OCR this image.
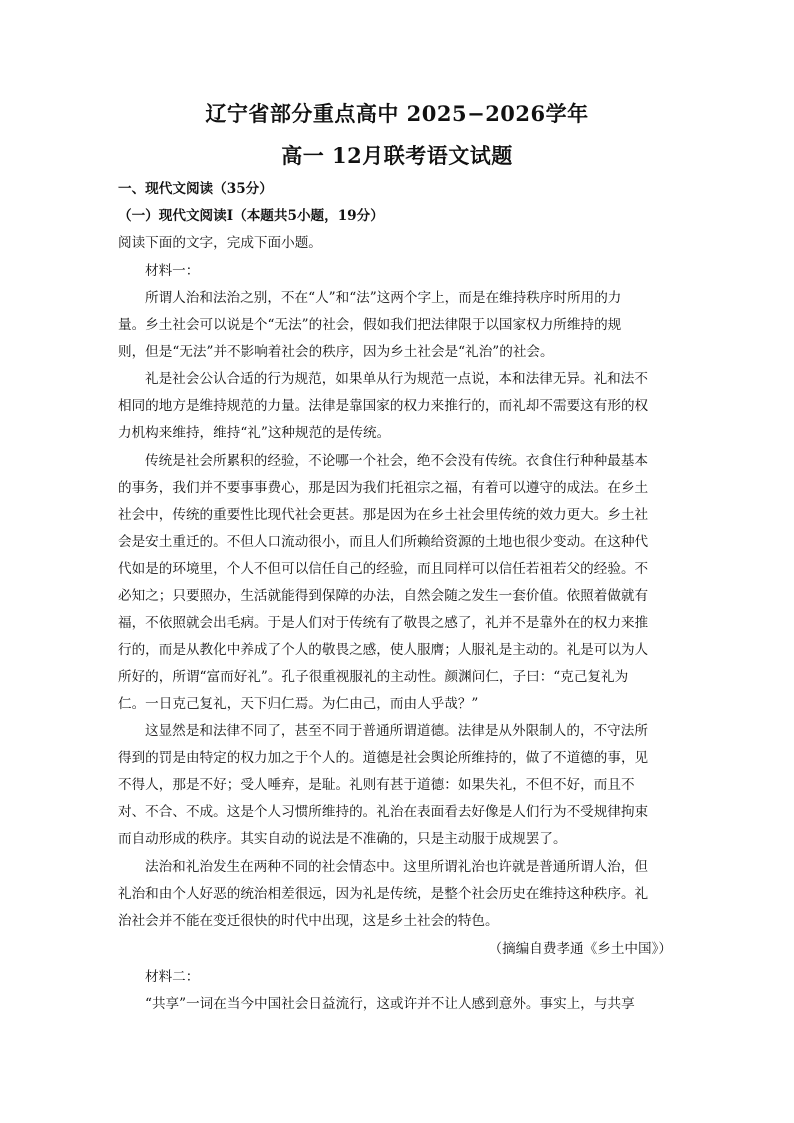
辽宁省部分重点高中 2025−2026学年
高一 12月联考语文试题
一、现代文阅读（35分）
（一）现代文阅读Ⅰ（本题共5小题，19分）
阅读下面的文字，完成下面小题。
材料一：
所谓人治和法治之别，不在“人”和“法”这两个字上，而是在维持秩序时所用的力
量。乡土社会可以说是个“无法”的社会，假如我们把法律限于以国家权力所维持的规
则，但是“无法”并不影响着社会的秩序，因为乡土社会是“礼治”的社会。
礼是社会公认合适的行为规范，如果单从行为规范一点说，本和法律无异。礼和法不
相同的地方是维持规范的力量。法律是靠国家的权力来推行的，而礼却不需要这有形的权
力机构来维持，维持“礼”这种规范的是传统。
传统是社会所累积的经验，不论哪一个社会，绝不会没有传统。衣食住行种种最基本
的事务，我们并不要事事费心，那是因为我们托祖宗之福，有着可以遵守的成法。在乡土
社会中，传统的重要性比现代社会更甚。那是因为在乡土社会里传统的效力更大。乡土社
会是安土重迁的。不但人口流动很小，而且人们所赖给资源的土地也很少变动。在这种代
代如是的环境里，个人不但可以信任自己的经验，而且同样可以信任若祖若父的经验。不
必知之；只要照办，生活就能得到保障的办法，自然会随之发生一套价值。依照着做就有
福，不依照就会出毛病。于是人们对于传统有了敬畏之感了，礼并不是靠外在的权力来推
行的，而是从教化中养成了个人的敬畏之感，使人服膺；人服礼是主动的。礼是可以为人
所好的，所谓“富而好礼”。孔子很重视服礼的主动性。颜渊问仁，子曰：“克己复礼为
仁。一日克己复礼，天下归仁焉。为仁由己，而由人乎哉？”
这显然是和法律不同了，甚至不同于普通所谓道德。法律是从外限制人的，不守法所
得到的罚是由特定的权力加之于个人的。道德是社会舆论所维持的，做了不道德的事，见
不得人，那是不好；受人唾弃，是耻。礼则有甚于道德：如果失礼，不但不好，而且不
对、不合、不成。这是个人习惯所维持的。礼治在表面看去好像是人们行为不受规律拘束
而自动形成的秩序。其实自动的说法是不准确的，只是主动服于成规罢了。
法治和礼治发生在两种不同的社会情态中。这里所谓礼治也许就是普通所谓人治，但
礼治和由个人好恶的统治相差很远，因为礼是传统，是整个社会历史在维持这种秩序。礼
治社会并不能在变迁很快的时代中出现，这是乡土社会的特色。
（摘编自费孝通《乡土中国》）
材料二：
“共享”一词在当今中国社会日益流行，这或许并不让人感到意外。事实上，与共享
